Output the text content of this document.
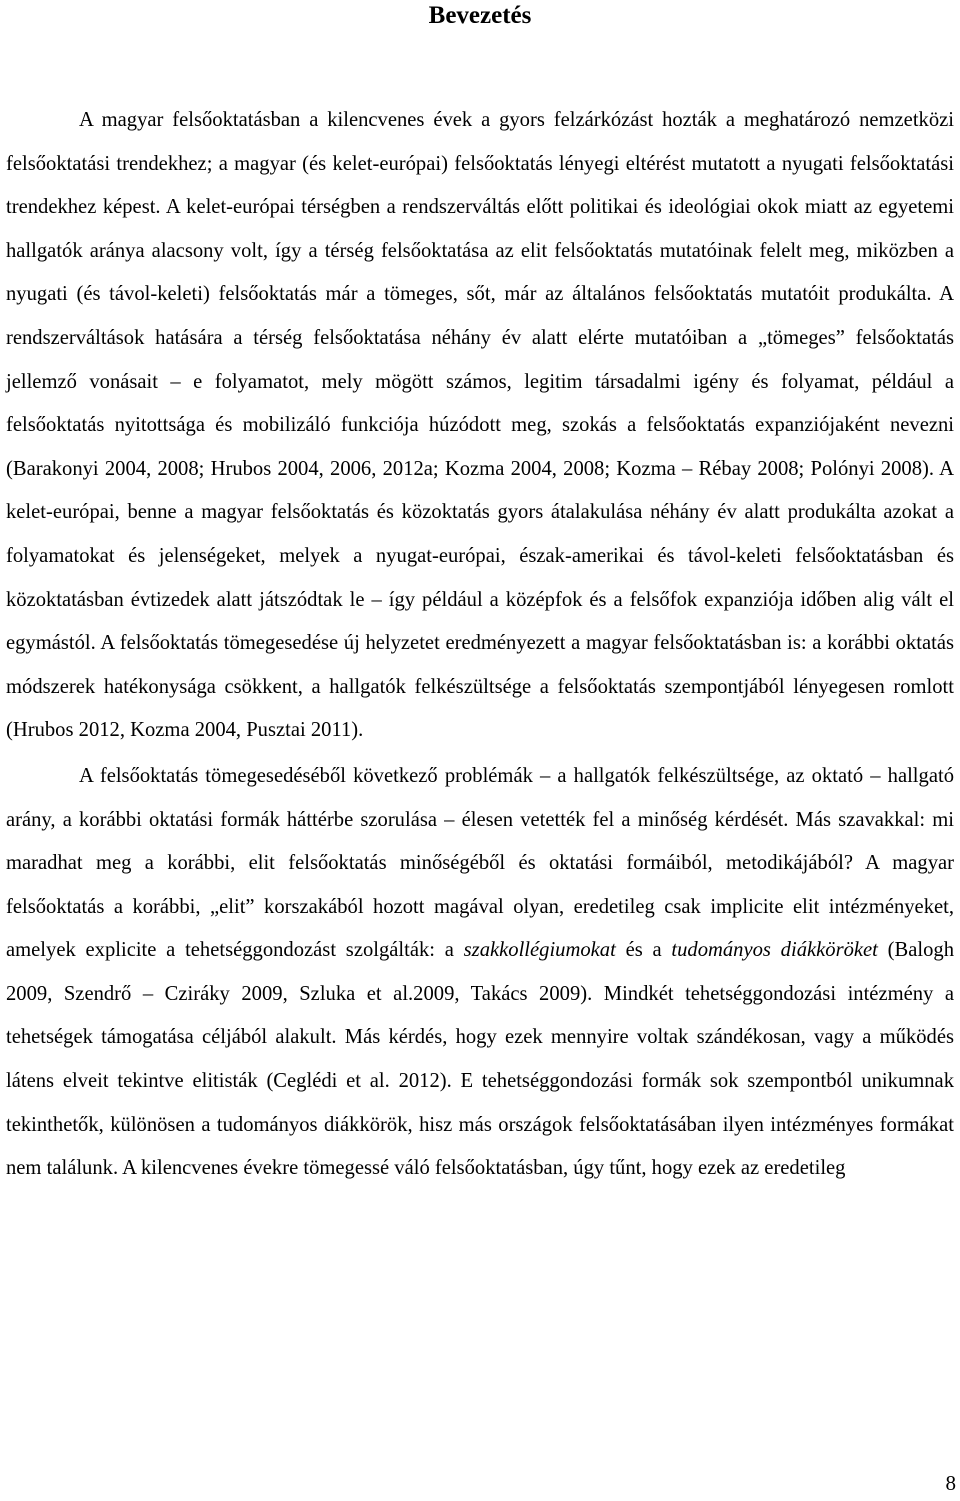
Bevezetés

A magyar felsőoktatásban a kilencvenes évek a gyors felzárkózást hozták a meghatározó nemzetközi felsőoktatási trendekhez; a magyar (és kelet-európai) felsőoktatás lényegi eltérést mutatott a nyugati felsőoktatási trendekhez képest. A kelet-európai térségben a rendszerváltás előtt politikai és ideológiai okok miatt az egyetemi hallgatók aránya alacsony volt, így a térség felsőoktatása az elit felsőoktatás mutatóinak felelt meg, miközben a nyugati (és távol-keleti) felsőoktatás már a tömeges, sőt, már az általános felsőoktatás mutatóit produkálta. A rendszerváltások hatására a térség felsőoktatása néhány év alatt elérte mutatóiban a „tömeges” felsőoktatás jellemző vonásait – e folyamatot, mely mögött számos, legitim társadalmi igény és folyamat, például a felsőoktatás nyitottsága és mobilizáló funkciója húzódott meg, szokás a felsőoktatás expanziójaként nevezni (Barakonyi 2004, 2008; Hrubos 2004, 2006, 2012a; Kozma 2004, 2008; Kozma – Rébay 2008; Polónyi 2008). A kelet-európai, benne a magyar felsőoktatás és közoktatás gyors átalakulása néhány év alatt produkálta azokat a folyamatokat és jelenségeket, melyek a nyugat-európai, észak-amerikai és távol-keleti felsőoktatásban és közoktatásban évtizedek alatt játszódtak le – így például a középfok és a felsőfok expanziója időben alig vált el egymástól. A felsőoktatás tömegesedése új helyzetet eredményezett a magyar felsőoktatásban is: a korábbi oktatás módszerek hatékonysága csökkent, a hallgatók felkészültsége a felsőoktatás szempontjából lényegesen romlott (Hrubos 2012, Kozma 2004, Pusztai 2011).

A felsőoktatás tömegesedéséből következő problémák – a hallgatók felkészültsége, az oktató – hallgató arány, a korábbi oktatási formák háttérbe szorulása – élesen vetették fel a minőség kérdését. Más szavakkal: mi maradhat meg a korábbi, elit felsőoktatás minőségéből és oktatási formáiból, metodikájából? A magyar felsőoktatás a korábbi, „elit” korszakából hozott magával olyan, eredetileg csak implicite elit intézményeket, amelyek explicite a tehetséggondozást szolgálták: a szakkollégiumokat és a tudományos diákköröket (Balogh 2009, Szendrő – Cziráky 2009, Szluka et al.2009, Takács 2009). Mindkét tehetséggondozási intézmény a tehetségek támogatása céljából alakult. Más kérdés, hogy ezek mennyire voltak szándékosan, vagy a működés látens elveit tekintve elitisták (Ceglédi et al. 2012). E tehetséggondozási formák sok szempontból unikumnak tekinthetők, különösen a tudományos diákkörök, hisz más országok felsőoktatásában ilyen intézményes formákat nem találunk. A kilencvenes évekre tömegessé váló felsőoktatásban, úgy tűnt, hogy ezek az eredetileg

8
